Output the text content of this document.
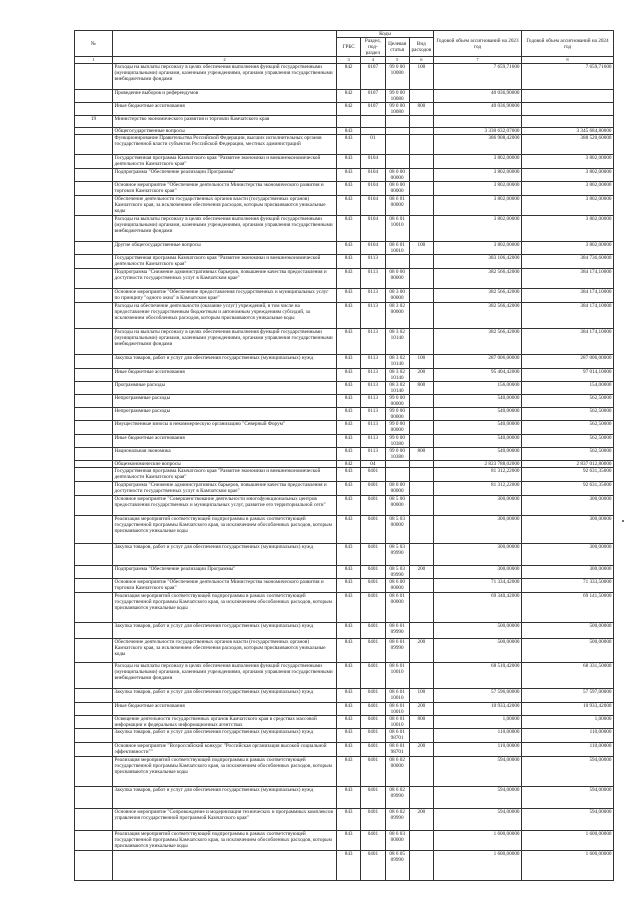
№		Коды				Годовой объем ассигнований на 2023 год	Годовой объем ассигнований на 2024 год
		ГРБС	Раздел, под-раздел	Целевая статья	Вид расходов		
1	2	3	4	5	6	7	8
	Расходы на выплаты персоналу в целях обеспечения выполнения функций государственными (муниципальными) органами, казенными учреждениями, органами управления государственными внебюджетными фондами	842	0107	99 0 00 10080	100	7 659,71600	7 659,71600
	Проведение выборов и референдумов	842	0107	99 0 00 10080		40 036,90000	
	Иные бюджетные ассигнования	842	0107	99 0 00 10080	800	40 036,90000	
19	Министерство экономического развития и торговли Камчатского края						
	Общегосударственные вопросы	843				3 330 632,07000	3 345 684,80000
	Функционирование Правительства Российской Федерации, высших исполнительных органов государственной власти субъектов Российской Федерации, местных администраций	843	01			386 908,42000	388 520,60000
	Государственная программа Камчатского края "Развитие экономики и внешнеэкономической деятельности Камчатского края"	843	0104			3 802,00000	3 802,00000
	Подпрограмма "Обеспечение реализации Программы"	843	0104	08 0 00 00000		3 802,00000	3 802,00000
	Основное мероприятие "Обеспечение деятельности Министерства экономического развития и торговли Камчатского края"	843	0104	08 6 00 00000		3 802,00000	3 802,00000
	Обеспечение деятельности государственных органов власти (государственных органов) Камчатского края, за исключением обеспечения расходов, которым присваиваются уникальные коды	843	0104	08 6 01 00000		3 802,00000	3 802,00000
	Расходы на выплаты персоналу в целях обеспечения выполнения функций государственными (муниципальными) органами, казенными учреждениями, органами управления государственными внебюджетными фондами	843	0104	08 6 01 10010		3 802,00000	3 802,00000
	Другие общегосударственные вопросы	843	0104	08 6 01 10010	100	3 802,00000	3 802,00000
	Государственная программа Камчатского края "Развитие экономики и внешнеэкономической деятельности Камчатского края"	843	0113			383 106,42000	384 736,60000
	Подпрограмма "Снижение административных барьеров, повышение качества предоставления и доступности государственных услуг в Камчатском крае"	843	0113	08 0 00 00000		382 566,42000	384 174,10000
	Основное мероприятие "Обеспечение предоставления государственных и муниципальных услуг по принципу "одного окна" в Камчатском крае"	843	0113	08 3 00 00000		382 566,42000	384 174,10000
	Расходы на обеспечение деятельности (оказание услуг) учреждений, в том числе на предоставление государственным бюджетным и автономным учреждениям субсидий, за исключением обособленных расходов, которым присваиваются уникальные коды	843	0113	08 3 02 00000		382 566,42000	384 174,10000
	Расходы на выплаты персоналу в целях обеспечения выполнения функций государственными (муниципальными) органами, казенными учреждениями, органами управления государственными внебюджетными фондами	843	0113	08 3 02 10140		382 566,42000	384 174,10000
	Закупка товаров, работ и услуг для обеспечения государственных (муниципальных) нужд	843	0113	08 3 02 10140	100	287 006,00000	287 006,00000
	Иные бюджетные ассигнования	843	0113	08 3 02 10140	200	95 404,42000	97 014,10000
	Программные расходы	843	0113	08 3 02 10140	800	156,00000	154,00000
	Непрограммные расходы	843	0113	99 0 00 00000		540,00000	562,50000
	Непрограммные расходы	843	0113	99 0 00 00000		540,00000	562,50000
	Имущественные взносы в некоммерческую организацию "Северный Форум"	843	0113	99 0 00 00000		540,00000	562,50000
	Иные бюджетные ассигнования	843	0113	99 0 00 10380		540,00000	562,50000
	Национальная экономика	843	0113	99 0 00 10380	800	540,00000	562,50000
	Общеэкономические вопросы	842	04			2 823 788,02000	2 837 012,80000
	Государственная программа Камчатского края "Развитие экономики и внешнеэкономической деятельности Камчатского края"	843	0401			81 312,22000	92 631,35000
	Подпрограмма "Снижение административных барьеров, повышение качества предоставления и доступности государственных услуг в Камчатском крае"	843	0401	08 0 00 00000		81 312,22000	92 631,35000
	Основное мероприятие "Совершенствование деятельности многофункциональных центров предоставления государственных и муниципальных услуг, развитие его территориальной сети"	843	0401	08 5 00 00000		300,00000	300,00000
	Реализация мероприятий соответствующей подпрограммы в рамках соответствующей государственной программы Камчатского края, за исключением обособленных расходов, которым присваиваются уникальные коды	843	0401	08 5 03 00000		300,00000	300,00000
	Закупка товаров, работ и услуг для обеспечения государственных (муниципальных) нужд	843	0401	08 5 03 09990		300,00000	300,00000
	Подпрограмма "Обеспечение реализации Программы"	843	0401	08 5 03 09990	200	300,00000	300,00000
	Основное мероприятие "Обеспечение деятельности Министерства экономического развития и торговли Камчатского края"	843	0401	08 6 00 00000		71 334,42000	71 333,50000
	Реализация мероприятий соответствующей подпрограммы в рамках соответствующей государственной программы Камчатского края, за исключением обособленных расходов, которым присваиваются уникальные коды	843	0401	08 6 01 00000		69 340,42000	69 141,50000
	Закупка товаров, работ и услуг для обеспечения государственных (муниципальных) нужд	843	0401	08 6 01 09990		500,00000	500,00000
	Обеспечение деятельности государственных органов власти (государственных органов) Камчатского края, за исключением обеспечения расходов, которым присваиваются уникальные коды	843	0401	08 6 01 09990	200	500,00000	500,00000
	Расходы на выплаты персоналу в целях обеспечения выполнения функций государственными (муниципальными) органами, казенными учреждениями, органами управления государственными внебюджетными фондами	843	0401	08 6 01 10010		68 510,42000	68 331,50000
	Закупка товаров, работ и услуг для обеспечения государственных (муниципальных) нужд	843	0401	08 6 01 10010	100	57 596,00000	57 597,00000
	Иные бюджетные ассигнования	843	0401	08 6 01 10010	200	10 933,42000	10 933,42000
	Освещение деятельности государственных органов Камчатского края в средствах массовой информации и федеральных информационных агентствах	843	0401	08 6 01 10010	800	1,00000	1,00000
	Закупка товаров, работ и услуг для обеспечения государственных (муниципальных) нужд	843	0401	08 6 01 98701		110,00000	110,00000
	Основное мероприятие "Всероссийский конкурс "Российская организация высокой социальной эффективности""	843	0401	08 6 01 98701	200	110,00000	110,00000
	Реализация мероприятий соответствующей подпрограммы в рамках соответствующей государственной программы Камчатского края, за исключением обособленных расходов, которым присваиваются уникальные коды	843	0401	08 6 02 00000		594,00000	594,00000
	Закупка товаров, работ и услуг для обеспечения государственных (муниципальных) нужд	843	0401	08 6 02 09990		594,00000	594,00000
	Основное мероприятие "Сопровождение и модернизация технических и программных комплексов управления государственной программой Камчатского края"	843	0401	08 6 02 09990	200	594,00000	594,00000
	Реализация мероприятий соответствующей подпрограммы в рамках соответствующей государственной программы Камчатского края, за исключением обособленных расходов, которым присваиваются уникальные коды	843	0401	08 6 03 00000		1 600,00000	1 600,00000
		843	0401	08 6 05 09990		1 600,00000	1 600,00000
